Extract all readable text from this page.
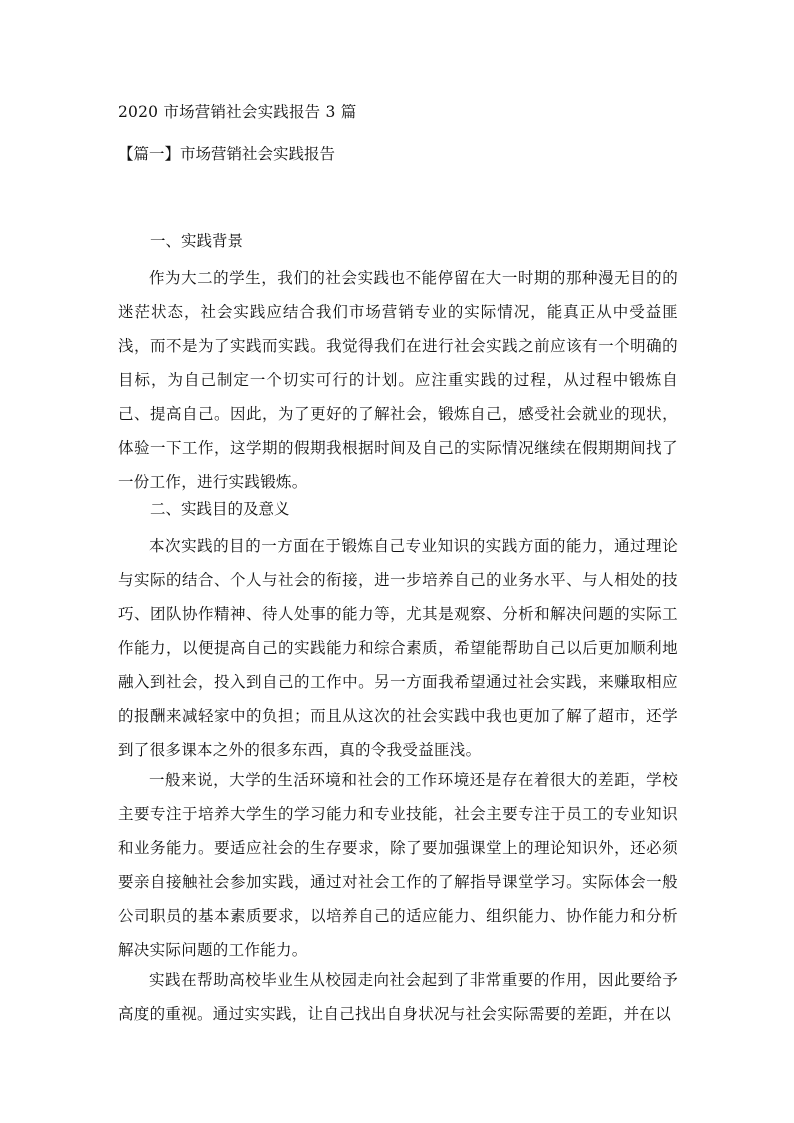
2020 市场营销社会实践报告 3 篇
【篇一】市场营销社会实践报告
一、实践背景

作为大二的学生，我们的社会实践也不能停留在大一时期的那种漫无目的的迷茫状态，社会实践应结合我们市场营销专业的实际情况，能真正从中受益匪浅，而不是为了实践而实践。我觉得我们在进行社会实践之前应该有一个明确的目标，为自己制定一个切实可行的计划。应注重实践的过程，从过程中锻炼自己、提高自己。因此，为了更好的了解社会，锻炼自己，感受社会就业的现状，体验一下工作，这学期的假期我根据时间及自己的实际情况继续在假期期间找了一份工作，进行实践锻炼。

二、实践目的及意义

本次实践的目的一方面在于锻炼自己专业知识的实践方面的能力，通过理论与实际的结合、个人与社会的衔接，进一步培养自己的业务水平、与人相处的技巧、团队协作精神、待人处事的能力等，尤其是观察、分析和解决问题的实际工作能力，以便提高自己的实践能力和综合素质，希望能帮助自己以后更加顺利地融入到社会，投入到自己的工作中。另一方面我希望通过社会实践，来赚取相应的报酬来减轻家中的负担；而且从这次的社会实践中我也更加了解了超市，还学到了很多课本之外的很多东西，真的令我受益匪浅。

一般来说，大学的生活环境和社会的工作环境还是存在着很大的差距，学校主要专注于培养大学生的学习能力和专业技能，社会主要专注于员工的专业知识和业务能力。要适应社会的生存要求，除了要加强课堂上的理论知识外，还必须要亲自接触社会参加实践，通过对社会工作的了解指导课堂学习。实际体会一般公司职员的基本素质要求，以培养自己的适应能力、组织能力、协作能力和分析解决实际问题的工作能力。

实践在帮助高校毕业生从校园走向社会起到了非常重要的作用，因此要给予高度的重视。通过实实践，让自己找出自身状况与社会实际需要的差距，并在以
